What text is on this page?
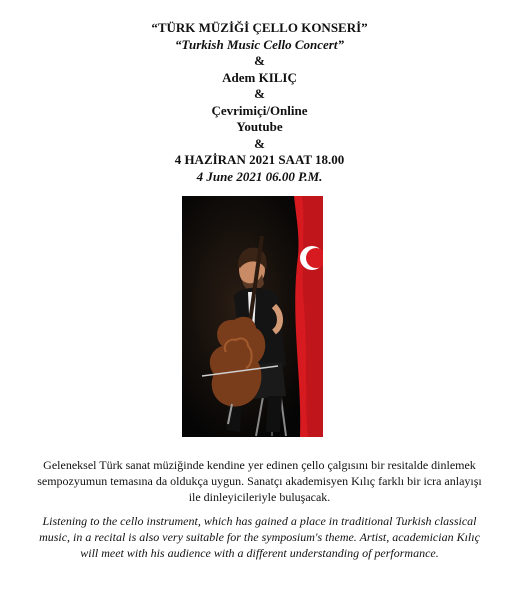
“TÜRK MÜZİĞİ ÇELLO KONSERİ”
“Turkish Music Cello Concert”
&
Adem KILIÇ
&
Çevrimiçi/Online
Youtube
&
4 HAZİRAN 2021 SAAT 18.00
4 June 2021 06.00 P.M.
Geleneksel Türk sanat müziğinde kendine yer edinen çello çalgısını bir resitalde dinlemek
sempozyumun temasına da oldukça uygun. Sanatçı akademisyen Kılıç farklı bir icra anlayışı
ile dinleyicileriyle buluşacak.
Listening to the cello instrument, which has gained a place in traditional Turkish classical
music, in a recital is also very suitable for the symposium's theme. Artist, academician Kılıç
will meet with his audience with a different understanding of performance.
